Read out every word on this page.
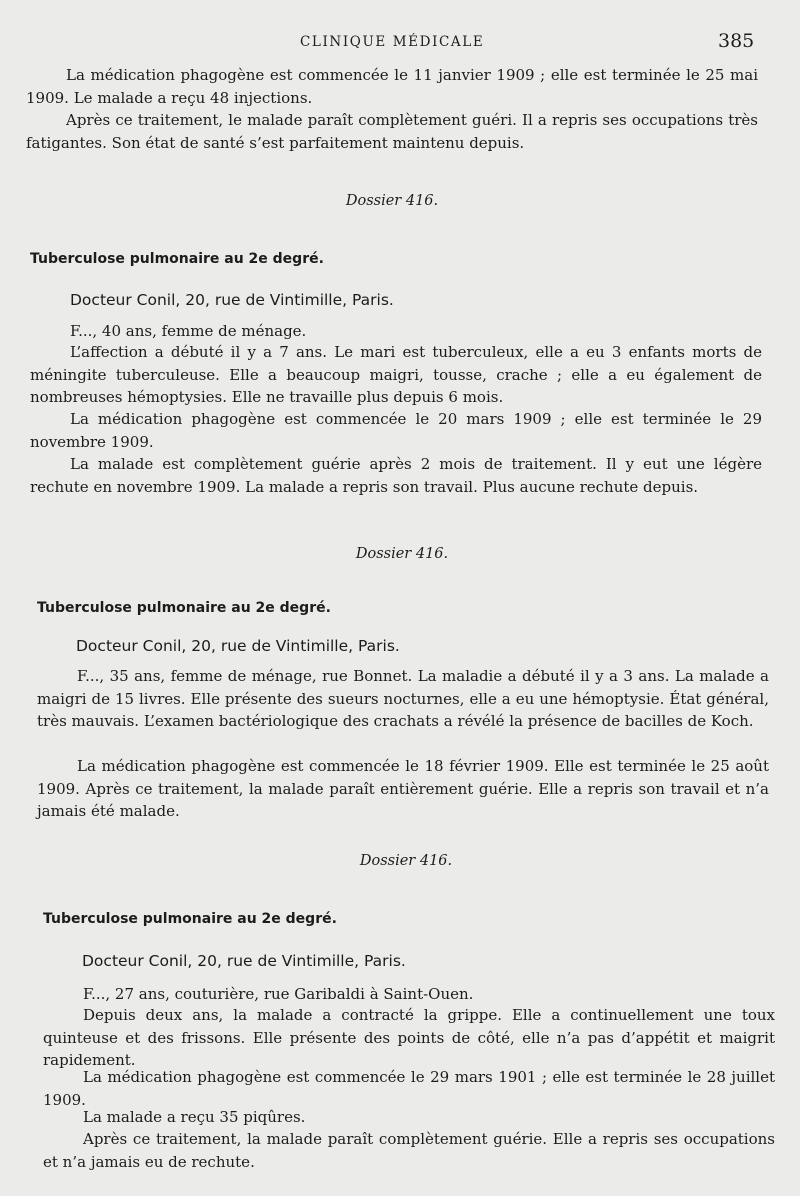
CLINIQUE MÉDICALE	385

La médication phagogène est commencée le 11 janvier 1909 ; elle est terminée le 25 mai 1909. Le malade a reçu 48 injections.

Après ce traitement, le malade paraît complètement guéri. Il a repris ses occupations très fatigantes. Son état de santé s’est parfaitement maintenu depuis.

Dossier 416.

Tuberculose pulmonaire au 2e degré.

Docteur Conil, 20, rue de Vintimille, Paris.

F..., 40 ans, femme de ménage.

L’affection a débuté il y a 7 ans. Le mari est tuberculeux, elle a eu 3 enfants morts de méningite tuberculeuse. Elle a beaucoup maigri, tousse, crache ; elle a eu également de nombreuses hémoptysies. Elle ne travaille plus depuis 6 mois.

La médication phagogène est commencée le 20 mars 1909 ; elle est terminée le 29 novembre 1909.

La malade est complètement guérie après 2 mois de traitement. Il y eut une légère rechute en novembre 1909. La malade a repris son travail. Plus aucune rechute depuis.

Dossier 416.

Tuberculose pulmonaire au 2e degré.

Docteur Conil, 20, rue de Vintimille, Paris.

F..., 35 ans, femme de ménage, rue Bonnet. La maladie a débuté il y a 3 ans. La malade a maigri de 15 livres. Elle présente des sueurs nocturnes, elle a eu une hémoptysie. État général, très mauvais. L’examen bactériologique des crachats a révélé la présence de bacilles de Koch.

La médication phagogène est commencée le 18 février 1909. Elle est terminée le 25 août 1909. Après ce traitement, la malade paraît entièrement guérie. Elle a repris son travail et n’a jamais été malade.

Dossier 416.

Tuberculose pulmonaire au 2e degré.

Docteur Conil, 20, rue de Vintimille, Paris.

F..., 27 ans, couturière, rue Garibaldi à Saint-Ouen.

Depuis deux ans, la malade a contracté la grippe. Elle a continuellement une toux quinteuse et des frissons. Elle présente des points de côté, elle n’a pas d’appétit et maigrit rapidement.

La médication phagogène est commencée le 29 mars 1901 ; elle est terminée le 28 juillet 1909.

La malade a reçu 35 piqûres.

Après ce traitement, la malade paraît complètement guérie. Elle a repris ses occupations et n’a jamais eu de rechute.
